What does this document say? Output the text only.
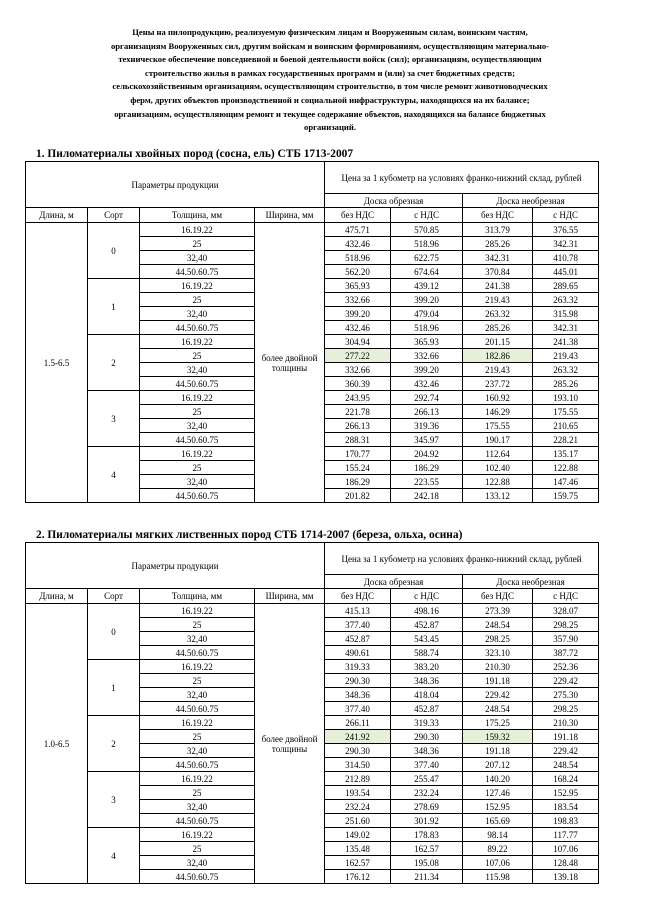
Цены на пилопродукцию, реализуемую физическим лицам и Вооруженным силам, воинским частям,
организациям Вооруженных сил, другим войскам и воинским формированиям, осуществляющим материально-
техническое обеспечение повседневной и боевой деятельности войск (сил); организациям, осуществляющим
строительство жилья в рамках государственных программ и (или) за счет бюджетных средств;
сельскохозяйственным организациям, осуществляющим строительство, в том числе ремонт животноводческих
ферм, других объектов производственной и социальной инфраструктуры, находящихся на их балансе;
организациям, осуществляющим ремонт и текущее содержание объектов, находящихся на балансе бюджетных
организаций.
1. Пиломатериалы хвойных пород (сосна, ель) СТБ 1713-2007
Параметры продукции				Цена за 1 кубометр на условиях франко-нижний склад, рублей			
				Доска обрезная		Доска необрезная	
Длина, м	Сорт	Толщина, мм	Ширина, мм	без НДС	с НДС	без НДС	с НДС
1.5-6.5	0	16.19.22	более двойной толщины	475.71	570.85	313.79	376.55
		25		432.46	518.96	285.26	342.31
		32,40		518.96	622.75	342.31	410.78
		44.50.60.75		562.20	674.64	370.84	445.01
	1	16.19.22		365.93	439.12	241.38	289.65
		25		332.66	399.20	219.43	263.32
		32,40		399.20	479.04	263.32	315.98
		44.50.60.75		432.46	518.96	285.26	342.31
	2	16.19.22		304.94	365.93	201.15	241.38
		25		277.22	332.66	182.86	219.43
		32,40		332.66	399.20	219.43	263.32
		44.50.60.75		360.39	432.46	237.72	285.26
	3	16.19.22		243.95	292.74	160.92	193.10
		25		221.78	266.13	146.29	175.55
		32,40		266.13	319.36	175.55	210.65
		44.50.60.75		288.31	345.97	190.17	228.21
	4	16.19.22		170.77	204.92	112.64	135.17
		25		155.24	186.29	102.40	122.88
		32,40		186.29	223.55	122.88	147.46
		44.50.60.75		201.82	242.18	133.12	159.75
2. Пиломатериалы мягких лиственных пород СТБ 1714-2007 (береза, ольха, осина)
Параметры продукции				Цена за 1 кубометр на условиях франко-нижний склад, рублей			
				Доска обрезная		Доска необрезная	
Длина, м	Сорт	Толщина, мм	Ширина, мм	без НДС	с НДС	без НДС	с НДС
1.0-6.5	0	16.19.22	более двойной толщины	415.13	498.16	273.39	328.07
		25		377.40	452.87	248.54	298.25
		32,40		452.87	543.45	298.25	357.90
		44.50.60.75		490.61	588.74	323.10	387.72
	1	16.19.22		319.33	383.20	210.30	252.36
		25		290.30	348.36	191.18	229.42
		32,40		348.36	418.04	229.42	275.30
		44.50.60.75		377.40	452.87	248.54	298.25
	2	16.19.22		266.11	319.33	175.25	210.30
		25		241.92	290.30	159.32	191.18
		32,40		290.30	348.36	191.18	229.42
		44.50.60.75		314.50	377.40	207.12	248.54
	3	16.19.22		212.89	255.47	140.20	168.24
		25		193.54	232.24	127.46	152.95
		32,40		232.24	278.69	152.95	183.54
		44.50.60.75		251.60	301.92	165.69	198.83
	4	16.19.22		149.02	178.83	98.14	117.77
		25		135.48	162.57	89.22	107.06
		32,40		162.57	195.08	107.06	128.48
		44.50.60.75		176.12	211.34	115.98	139.18
